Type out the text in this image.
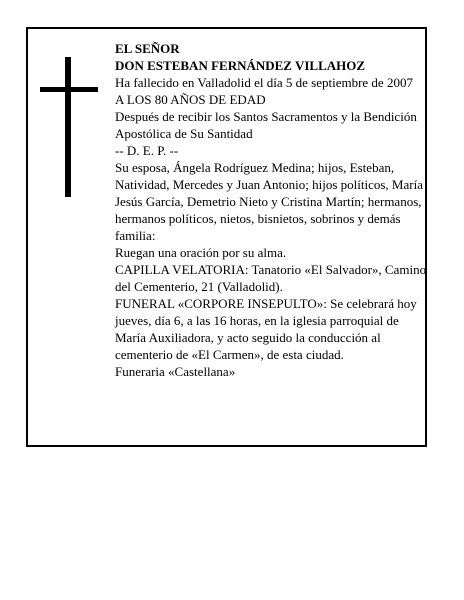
EL SEÑOR

DON ESTEBAN FERNÁNDEZ VILLAHOZ

Ha fallecido en Valladolid el día 5 de septiembre de 2007

A LOS 80 AÑOS DE EDAD

Después de recibir los Santos Sacramentos y la Bendición Apostólica de Su Santidad

-- D. E. P. --

Su esposa, Ángela Rodríguez Medina; hijos, Esteban, Natividad, Mercedes y Juan Antonio; hijos políticos, María Jesús García, Demetrio Nieto y Cristina Martín; hermanos, hermanos políticos, nietos, bisnietos, sobrinos y demás familia:

Ruegan una oración por su alma.

CAPILLA VELATORIA: Tanatorio «El Salvador», Camino del Cementerio, 21 (Valladolid).

FUNERAL «CORPORE INSEPULTO»: Se celebrará hoy jueves, día 6, a las 16 horas, en la iglesia parroquial de María Auxiliadora, y acto seguido la conducción al cementerio de «El Carmen», de esta ciudad.

Funeraria «Castellana»
